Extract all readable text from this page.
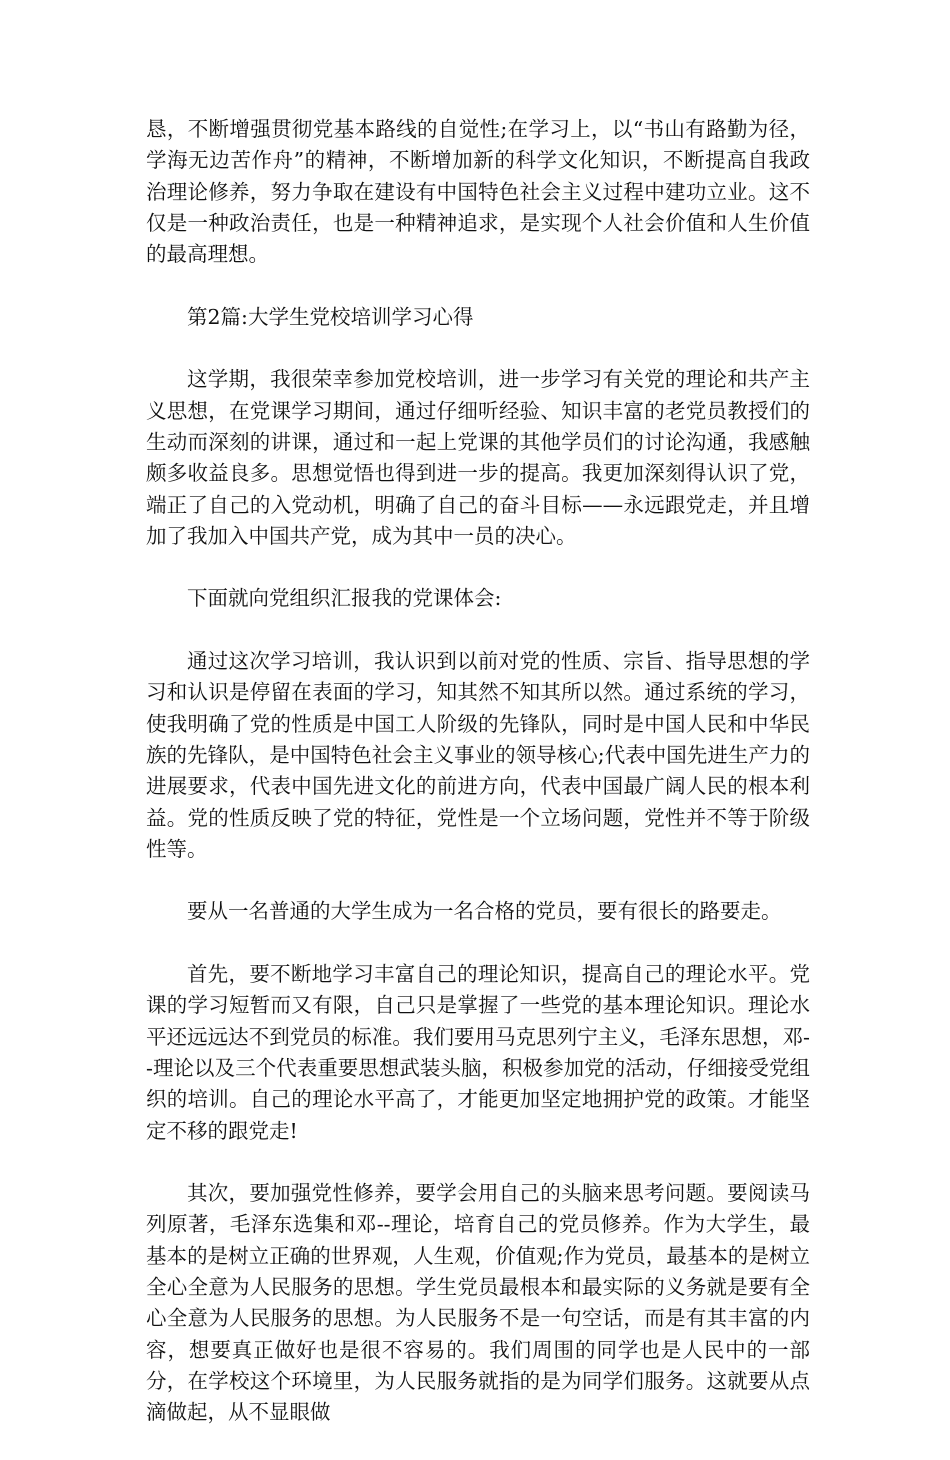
恳，不断增强贯彻党基本路线的自觉性;在学习上，以“书山有路勤为径，学海无边苦作舟”的精神，不断增加新的科学文化知识，不断提高自我政治理论修养，努力争取在建设有中国特色社会主义过程中建功立业。这不仅是一种政治责任，也是一种精神追求，是实现个人社会价值和人生价值的最高理想。

第2篇:大学生党校培训学习心得

这学期，我很荣幸参加党校培训，进一步学习有关党的理论和共产主义思想，在党课学习期间，通过仔细听经验、知识丰富的老党员教授们的生动而深刻的讲课，通过和一起上党课的其他学员们的讨论沟通，我感触颇多收益良多。思想觉悟也得到进一步的提高。我更加深刻得认识了党，端正了自己的入党动机，明确了自己的奋斗目标——永远跟党走，并且增加了我加入中国共产党，成为其中一员的决心。

下面就向党组织汇报我的党课体会:

通过这次学习培训，我认识到以前对党的性质、宗旨、指导思想的学习和认识是停留在表面的学习，知其然不知其所以然。通过系统的学习，使我明确了党的性质是中国工人阶级的先锋队，同时是中国人民和中华民族的先锋队，是中国特色社会主义事业的领导核心;代表中国先进生产力的进展要求，代表中国先进文化的前进方向，代表中国最广阔人民的根本利益。党的性质反映了党的特征，党性是一个立场问题，党性并不等于阶级性等。

要从一名普通的大学生成为一名合格的党员，要有很长的路要走。

首先，要不断地学习丰富自己的理论知识，提高自己的理论水平。党课的学习短暂而又有限，自己只是掌握了一些党的基本理论知识。理论水平还远远达不到党员的标准。我们要用马克思列宁主义，毛泽东思想，邓--理论以及三个代表重要思想武装头脑，积极参加党的活动，仔细接受党组织的培训。自己的理论水平高了，才能更加坚定地拥护党的政策。才能坚定不移的跟党走!

其次，要加强党性修养，要学会用自己的头脑来思考问题。要阅读马列原著，毛泽东选集和邓--理论，培育自己的党员修养。作为大学生，最基本的是树立正确的世界观，人生观，价值观;作为党员，最基本的是树立全心全意为人民服务的思想。学生党员最根本和最实际的义务就是要有全心全意为人民服务的思想。为人民服务不是一句空话，而是有其丰富的内容，想要真正做好也是很不容易的。我们周围的同学也是人民中的一部分，在学校这个环境里，为人民服务就指的是为同学们服务。这就要从点滴做起，从不显眼做
